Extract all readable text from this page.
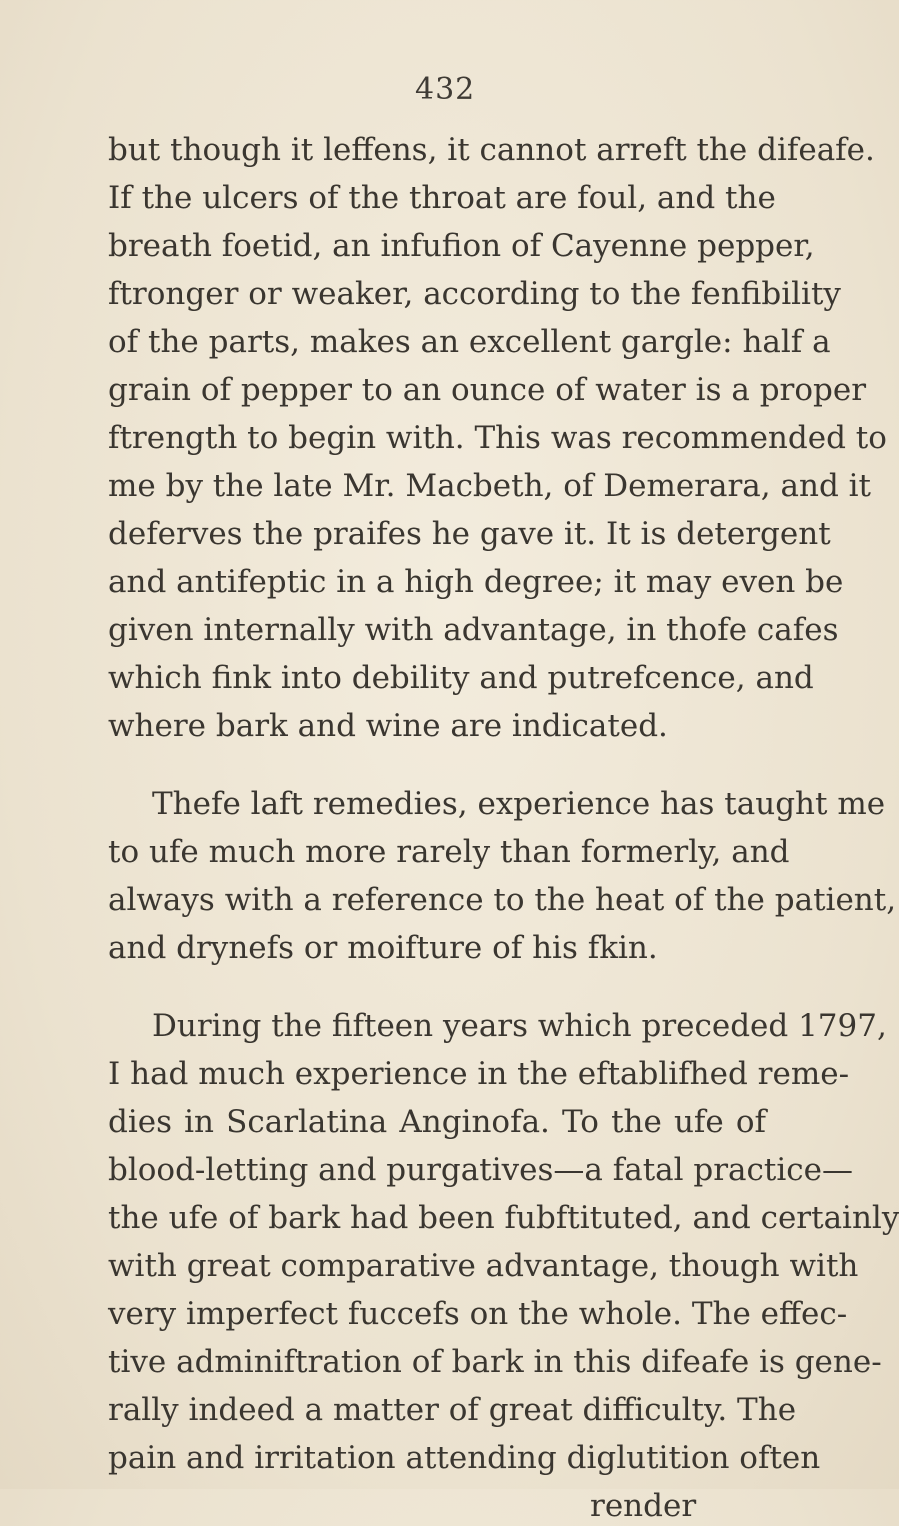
432
but though it leffens, it cannot arreft the difeafe.
If the ulcers of the throat are foul, and the
breath foetid, an infufion of Cayenne pepper,
ftronger or weaker, according to the fenfibility
of the parts, makes an excellent gargle: half a
grain of pepper to an ounce of water is a proper
ftrength to begin with. This was recommended to
me by the late Mr. Macbeth, of Demerara, and it
deferves the praifes he gave it. It is detergent
and antifeptic in a high degree; it may even be
given internally with advantage, in thofe cafes
which fink into debility and putrefcence, and
where bark and wine are indicated.
Thefe laft remedies, experience has taught me
to ufe much more rarely than formerly, and
always with a reference to the heat of the patient,
and drynefs or moifture of his fkin.
During the fifteen years which preceded 1797,
I had much experience in the eftablifhed reme-
dies in Scarlatina Anginofa. To the ufe of
blood-letting and purgatives—a fatal practice—
the ufe of bark had been fubftituted, and certainly
with great comparative advantage, though with
very imperfect fuccefs on the whole. The effec-
tive adminiftration of bark in this difeafe is gene-
rally indeed a matter of great difficulty. The
pain and irritation attending diglutition often
render
